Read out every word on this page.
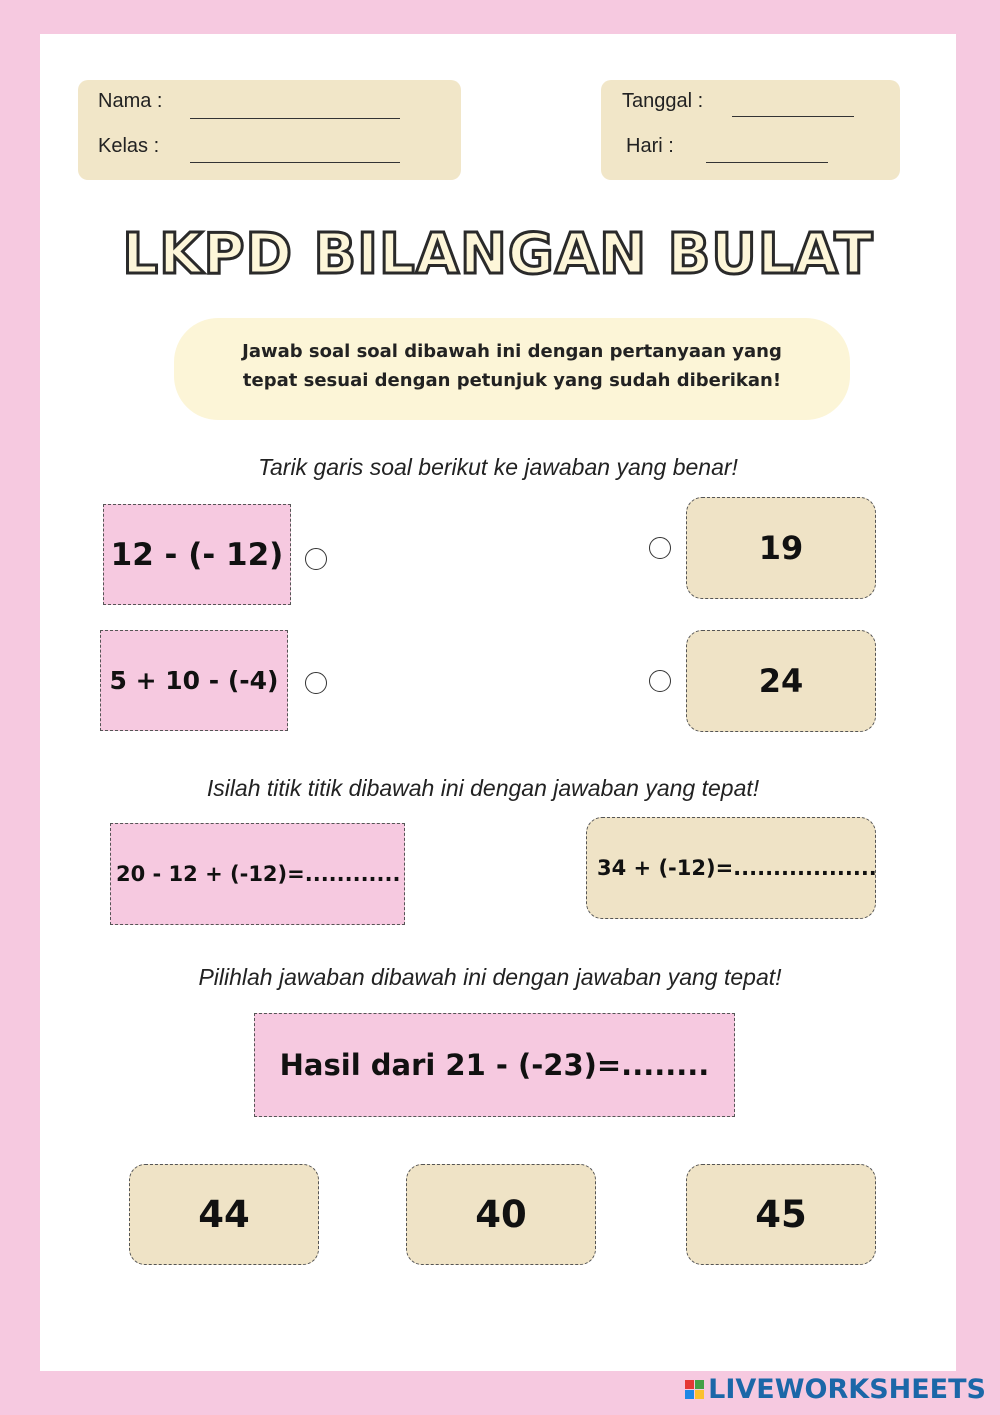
Nama :
Kelas :
Tanggal :
Hari :
LKPD BILANGAN BULAT
Jawab soal soal dibawah ini dengan pertanyaan yang
tepat sesuai dengan petunjuk yang sudah diberikan!
Tarik garis soal berikut ke jawaban yang benar!
12 - (- 12)
5 + 10 - (-4)
19
24
Isilah titik titik dibawah ini dengan jawaban yang tepat!
20 - 12 + (-12)=............	34 + (-12)=..................
Pilihlah jawaban dibawah ini dengan jawaban yang tepat!
Hasil dari 21 - (-23)=........
44	40	45
LIVEWORKSHEETS
